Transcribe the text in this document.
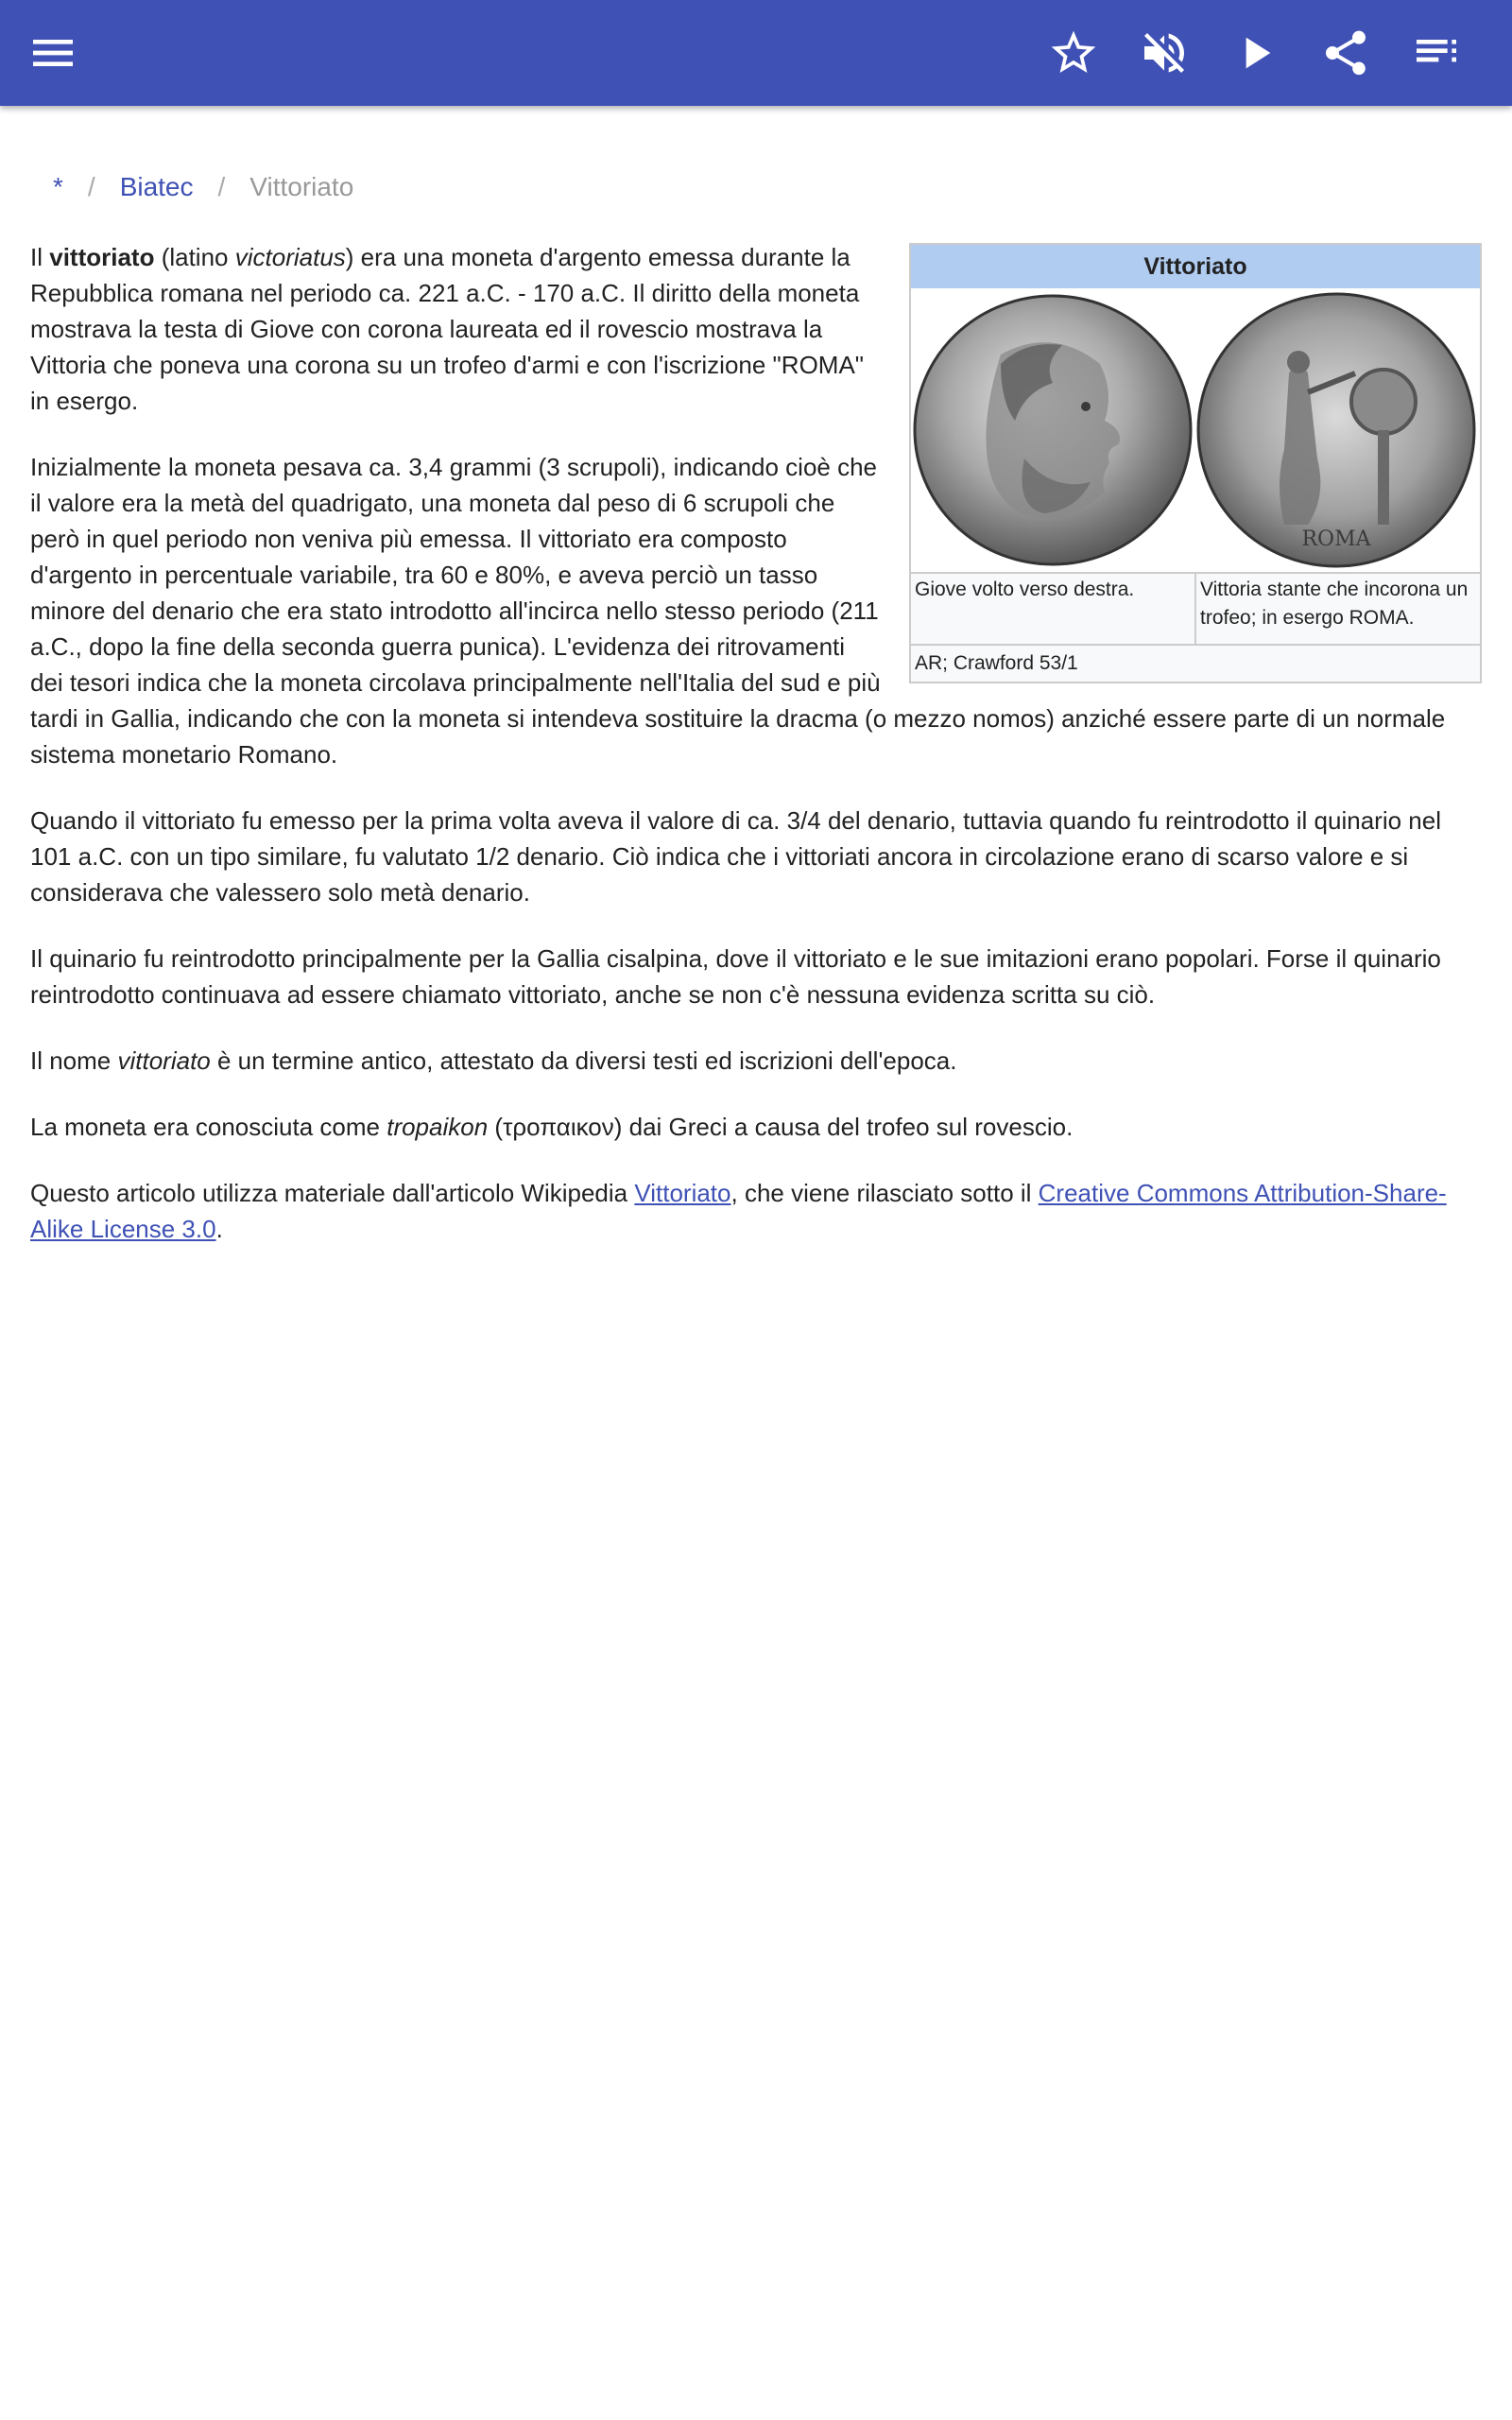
* / Biatec / Vittoriato
Vittoriato
ROMA
Giove volto verso destra.	Vittoria stante che incorona un trofeo; in esergo ROMA.
AR; Crawford 53/1

Il vittoriato (latino victoriatus) era una moneta d'argento emessa durante la Repubblica romana nel periodo ca. 221 a.C. - 170 a.C. Il diritto della moneta mostrava la testa di Giove con corona laureata ed il rovescio mostrava la Vittoria che poneva una corona su un trofeo d'armi e con l'iscrizione "ROMA" in esergo.

Inizialmente la moneta pesava ca. 3,4 grammi (3 scrupoli), indicando cioè che il valore era la metà del quadrigato, una moneta dal peso di 6 scrupoli che però in quel periodo non veniva più emessa. Il vittoriato era composto d'argento in percentuale variabile, tra 60 e 80%, e aveva perciò un tasso minore del denario che era stato introdotto all'incirca nello stesso periodo (211 a.C., dopo la fine della seconda guerra punica). L'evidenza dei ritrovamenti dei tesori indica che la moneta circolava principalmente nell'Italia del sud e più tardi in Gallia, indicando che con la moneta si intendeva sostituire la dracma (o mezzo nomos) anziché essere parte di un normale sistema monetario Romano.

Quando il vittoriato fu emesso per la prima volta aveva il valore di ca. 3/4 del denario, tuttavia quando fu reintrodotto il quinario nel 101 a.C. con un tipo similare, fu valutato 1/2 denario. Ciò indica che i vittoriati ancora in circolazione erano di scarso valore e si considerava che valessero solo metà denario.

Il quinario fu reintrodotto principalmente per la Gallia cisalpina, dove il vittoriato e le sue imitazioni erano popolari. Forse il quinario reintrodotto continuava ad essere chiamato vittoriato, anche se non c'è nessuna evidenza scritta su ciò.

Il nome vittoriato è un termine antico, attestato da diversi testi ed iscrizioni dell'epoca.

La moneta era conosciuta come tropaikon (τροπαικον) dai Greci a causa del trofeo sul rovescio.

Questo articolo utilizza materiale dall'articolo Wikipedia Vittoriato, che viene rilasciato sotto il Creative Commons Attribution-Share-Alike License 3.0.
